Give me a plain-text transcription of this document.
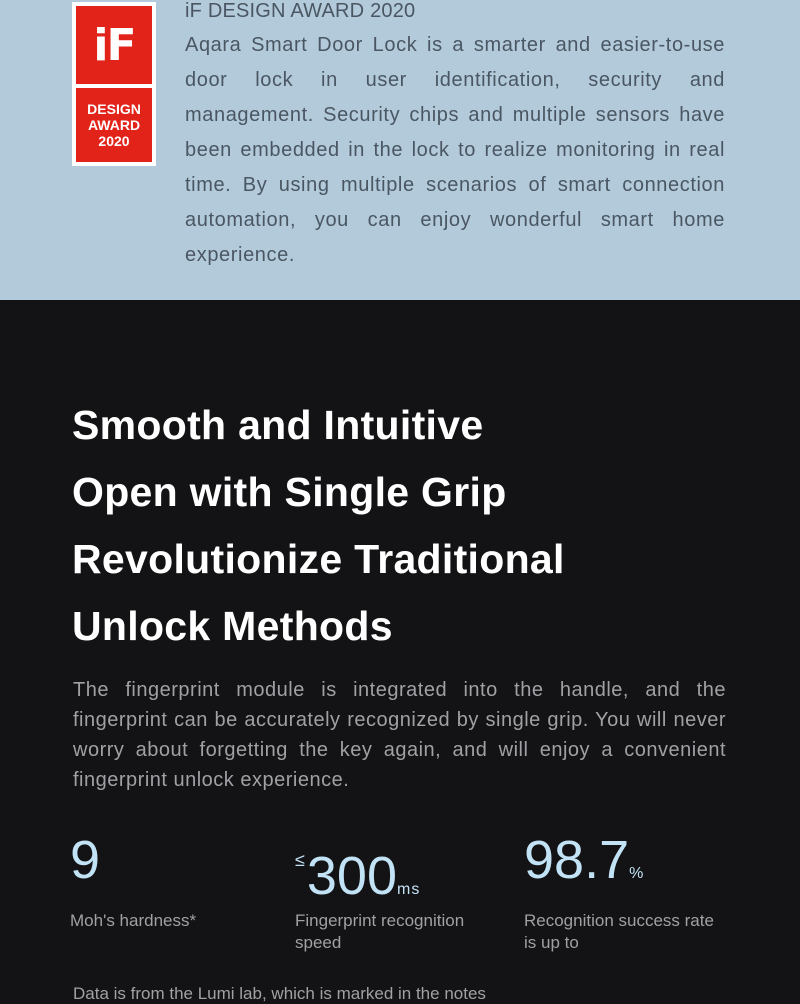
iF
DESIGN
AWARD
2020
iF DESIGN AWARD 2020
Aqara Smart Door Lock is a smarter and easier-to-use door lock in user identification, security and management. Security chips and multiple sensors have been embedded in the lock to realize monitoring in real time. By using multiple scenarios of smart connection automation, you can enjoy wonderful smart home experience.
Smooth and Intuitive
Open with Single Grip
Revolutionize Traditional
Unlock Methods
The fingerprint module is integrated into the handle, and the fingerprint can be accurately recognized by single grip. You will never worry about forgetting the key again, and will enjoy a convenient fingerprint unlock experience.
9
Moh's hardness*
≤300ms
Fingerprint recognition speed
98.7%
Recognition success rate is up to
Data is from the Lumi lab, which is marked in the notes
